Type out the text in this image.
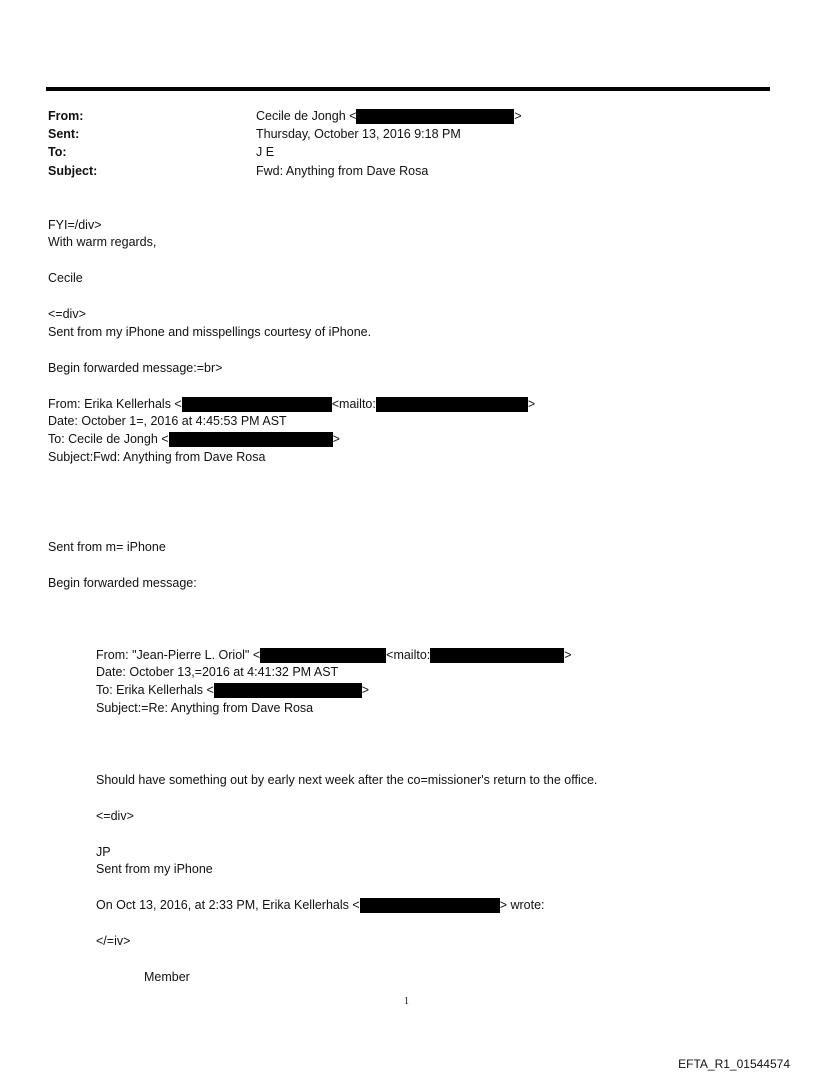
From:	Cecile de Jongh <	>
Sent:	Thursday, October 13, 2016 9:18 PM
To:	J E
Subject:	Fwd: Anything from Dave Rosa
FYI=/div>
With warm regards,
Cecile
<=div>
Sent from my iPhone and misspellings courtesy of iPhone.
Begin forwarded message:=br>
From: Erika Kellerhals <	<mailto:	>
Date: October 1=, 2016 at 4:45:53 PM AST
To: Cecile de Jongh <	>
Subject:Fwd: Anything from Dave Rosa
Sent from m= iPhone
Begin forwarded message:
From: "Jean-Pierre L. Oriol" <	<mailto:	>
Date: October 13,=2016 at 4:41:32 PM AST
To: Erika Kellerhals <	>
Subject:=Re: Anything from Dave Rosa
Should have something out by early next week after the co=missioner's return to the office.
<=div>
JP
Sent from my iPhone
On Oct 13, 2016, at 2:33 PM, Erika Kellerhals <	> wrote:
</=iv>
Member
1
EFTA_R1_01544574
